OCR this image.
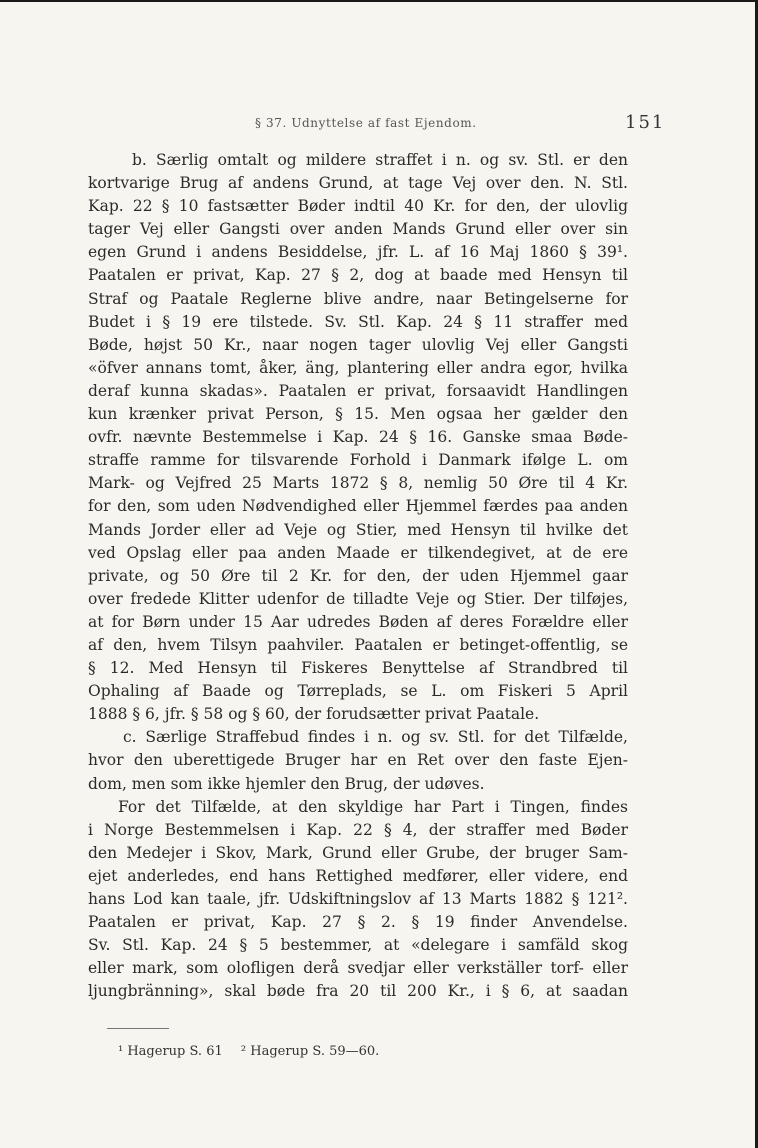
§ 37. Udnyttelse af fast Ejendom.	151
b. Særlig omtalt og mildere straffet i n. og sv. Stl. er den
kortvarige Brug af andens Grund, at tage Vej over den. N. Stl.
Kap. 22 § 10 fastsætter Bøder indtil 40 Kr. for den, der ulovlig
tager Vej eller Gangsti over anden Mands Grund eller over sin
egen Grund i andens Besiddelse, jfr. L. af 16 Maj 1860 § 39¹.
Paatalen er privat, Kap. 27 § 2, dog at baade med Hensyn til
Straf og Paatale Reglerne blive andre, naar Betingelserne for
Budet i § 19 ere tilstede. Sv. Stl. Kap. 24 § 11 straffer med
Bøde, højst 50 Kr., naar nogen tager ulovlig Vej eller Gangsti
«öfver annans tomt, åker, äng, plantering eller andra egor, hvilka
deraf kunna skadas». Paatalen er privat, forsaavidt Handlingen
kun krænker privat Person, § 15. Men ogsaa her gælder den
ovfr. nævnte Bestemmelse i Kap. 24 § 16. Ganske smaa Bøde-
straffe ramme for tilsvarende Forhold i Danmark ifølge L. om
Mark- og Vejfred 25 Marts 1872 § 8, nemlig 50 Øre til 4 Kr.
for den, som uden Nødvendighed eller Hjemmel færdes paa anden
Mands Jorder eller ad Veje og Stier, med Hensyn til hvilke det
ved Opslag eller paa anden Maade er tilkendegivet, at de ere
private, og 50 Øre til 2 Kr. for den, der uden Hjemmel gaar
over fredede Klitter udenfor de tilladte Veje og Stier. Der tilføjes,
at for Børn under 15 Aar udredes Bøden af deres Forældre eller
af den, hvem Tilsyn paahviler. Paatalen er betinget-offentlig, se
§ 12. Med Hensyn til Fiskeres Benyttelse af Strandbred til
Ophaling af Baade og Tørreplads, se L. om Fiskeri 5 April
1888 § 6, jfr. § 58 og § 60, der forudsætter privat Paatale.
c. Særlige Straffebud findes i n. og sv. Stl. for det Tilfælde,
hvor den uberettigede Bruger har en Ret over den faste Ejen-
dom, men som ikke hjemler den Brug, der udøves.
For det Tilfælde, at den skyldige har Part i Tingen, findes
i Norge Bestemmelsen i Kap. 22 § 4, der straffer med Bøder
den Medejer i Skov, Mark, Grund eller Grube, der bruger Sam-
ejet anderledes, end hans Rettighed medfører, eller videre, end
hans Lod kan taale, jfr. Udskiftningslov af 13 Marts 1882 § 121².
Paatalen er privat, Kap. 27 § 2. § 19 finder Anvendelse.
Sv. Stl. Kap. 24 § 5 bestemmer, at «delegare i samfäld skog
eller mark, som olofligen derå svedjar eller verkställer torf- eller
ljungbränning», skal bøde fra 20 til 200 Kr., i § 6, at saadan
¹ Hagerup S. 61 ² Hagerup S. 59—60.
